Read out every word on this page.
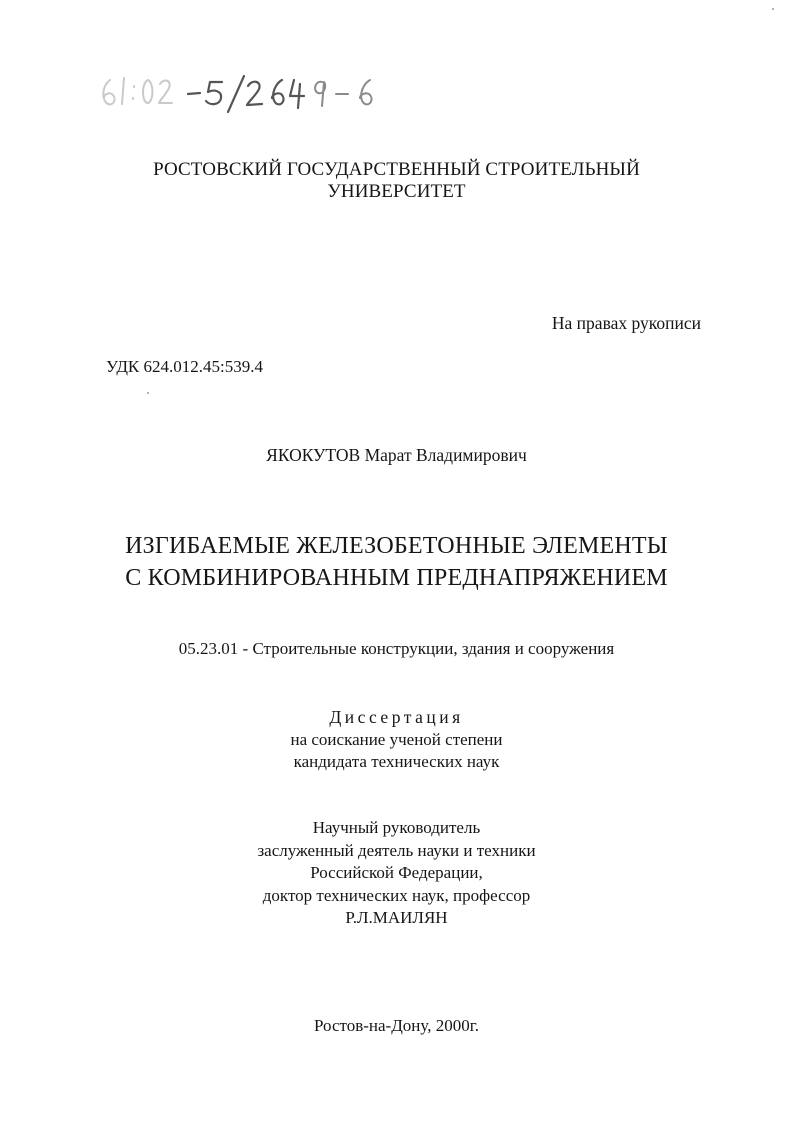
РОСТОВСКИЙ ГОСУДАРСТВЕННЫЙ СТРОИТЕЛЬНЫЙ
УНИВЕРСИТЕТ
На правах рукописи
УДК 624.012.45:539.4
ЯКОКУТОВ Марат Владимирович
ИЗГИБАЕМЫЕ ЖЕЛЕЗОБЕТОННЫЕ ЭЛЕМЕНТЫ
С КОМБИНИРОВАННЫМ ПРЕДНАПРЯЖЕНИЕМ
05.23.01 - Строительные конструкции, здания и сооружения
Диссертация
на соискание ученой степени
кандидата технических наук
Научный руководитель
заслуженный деятель науки и техники
Российской Федерации,
доктор технических наук, профессор
Р.Л.МАИЛЯН
Ростов-на-Дону, 2000г.
